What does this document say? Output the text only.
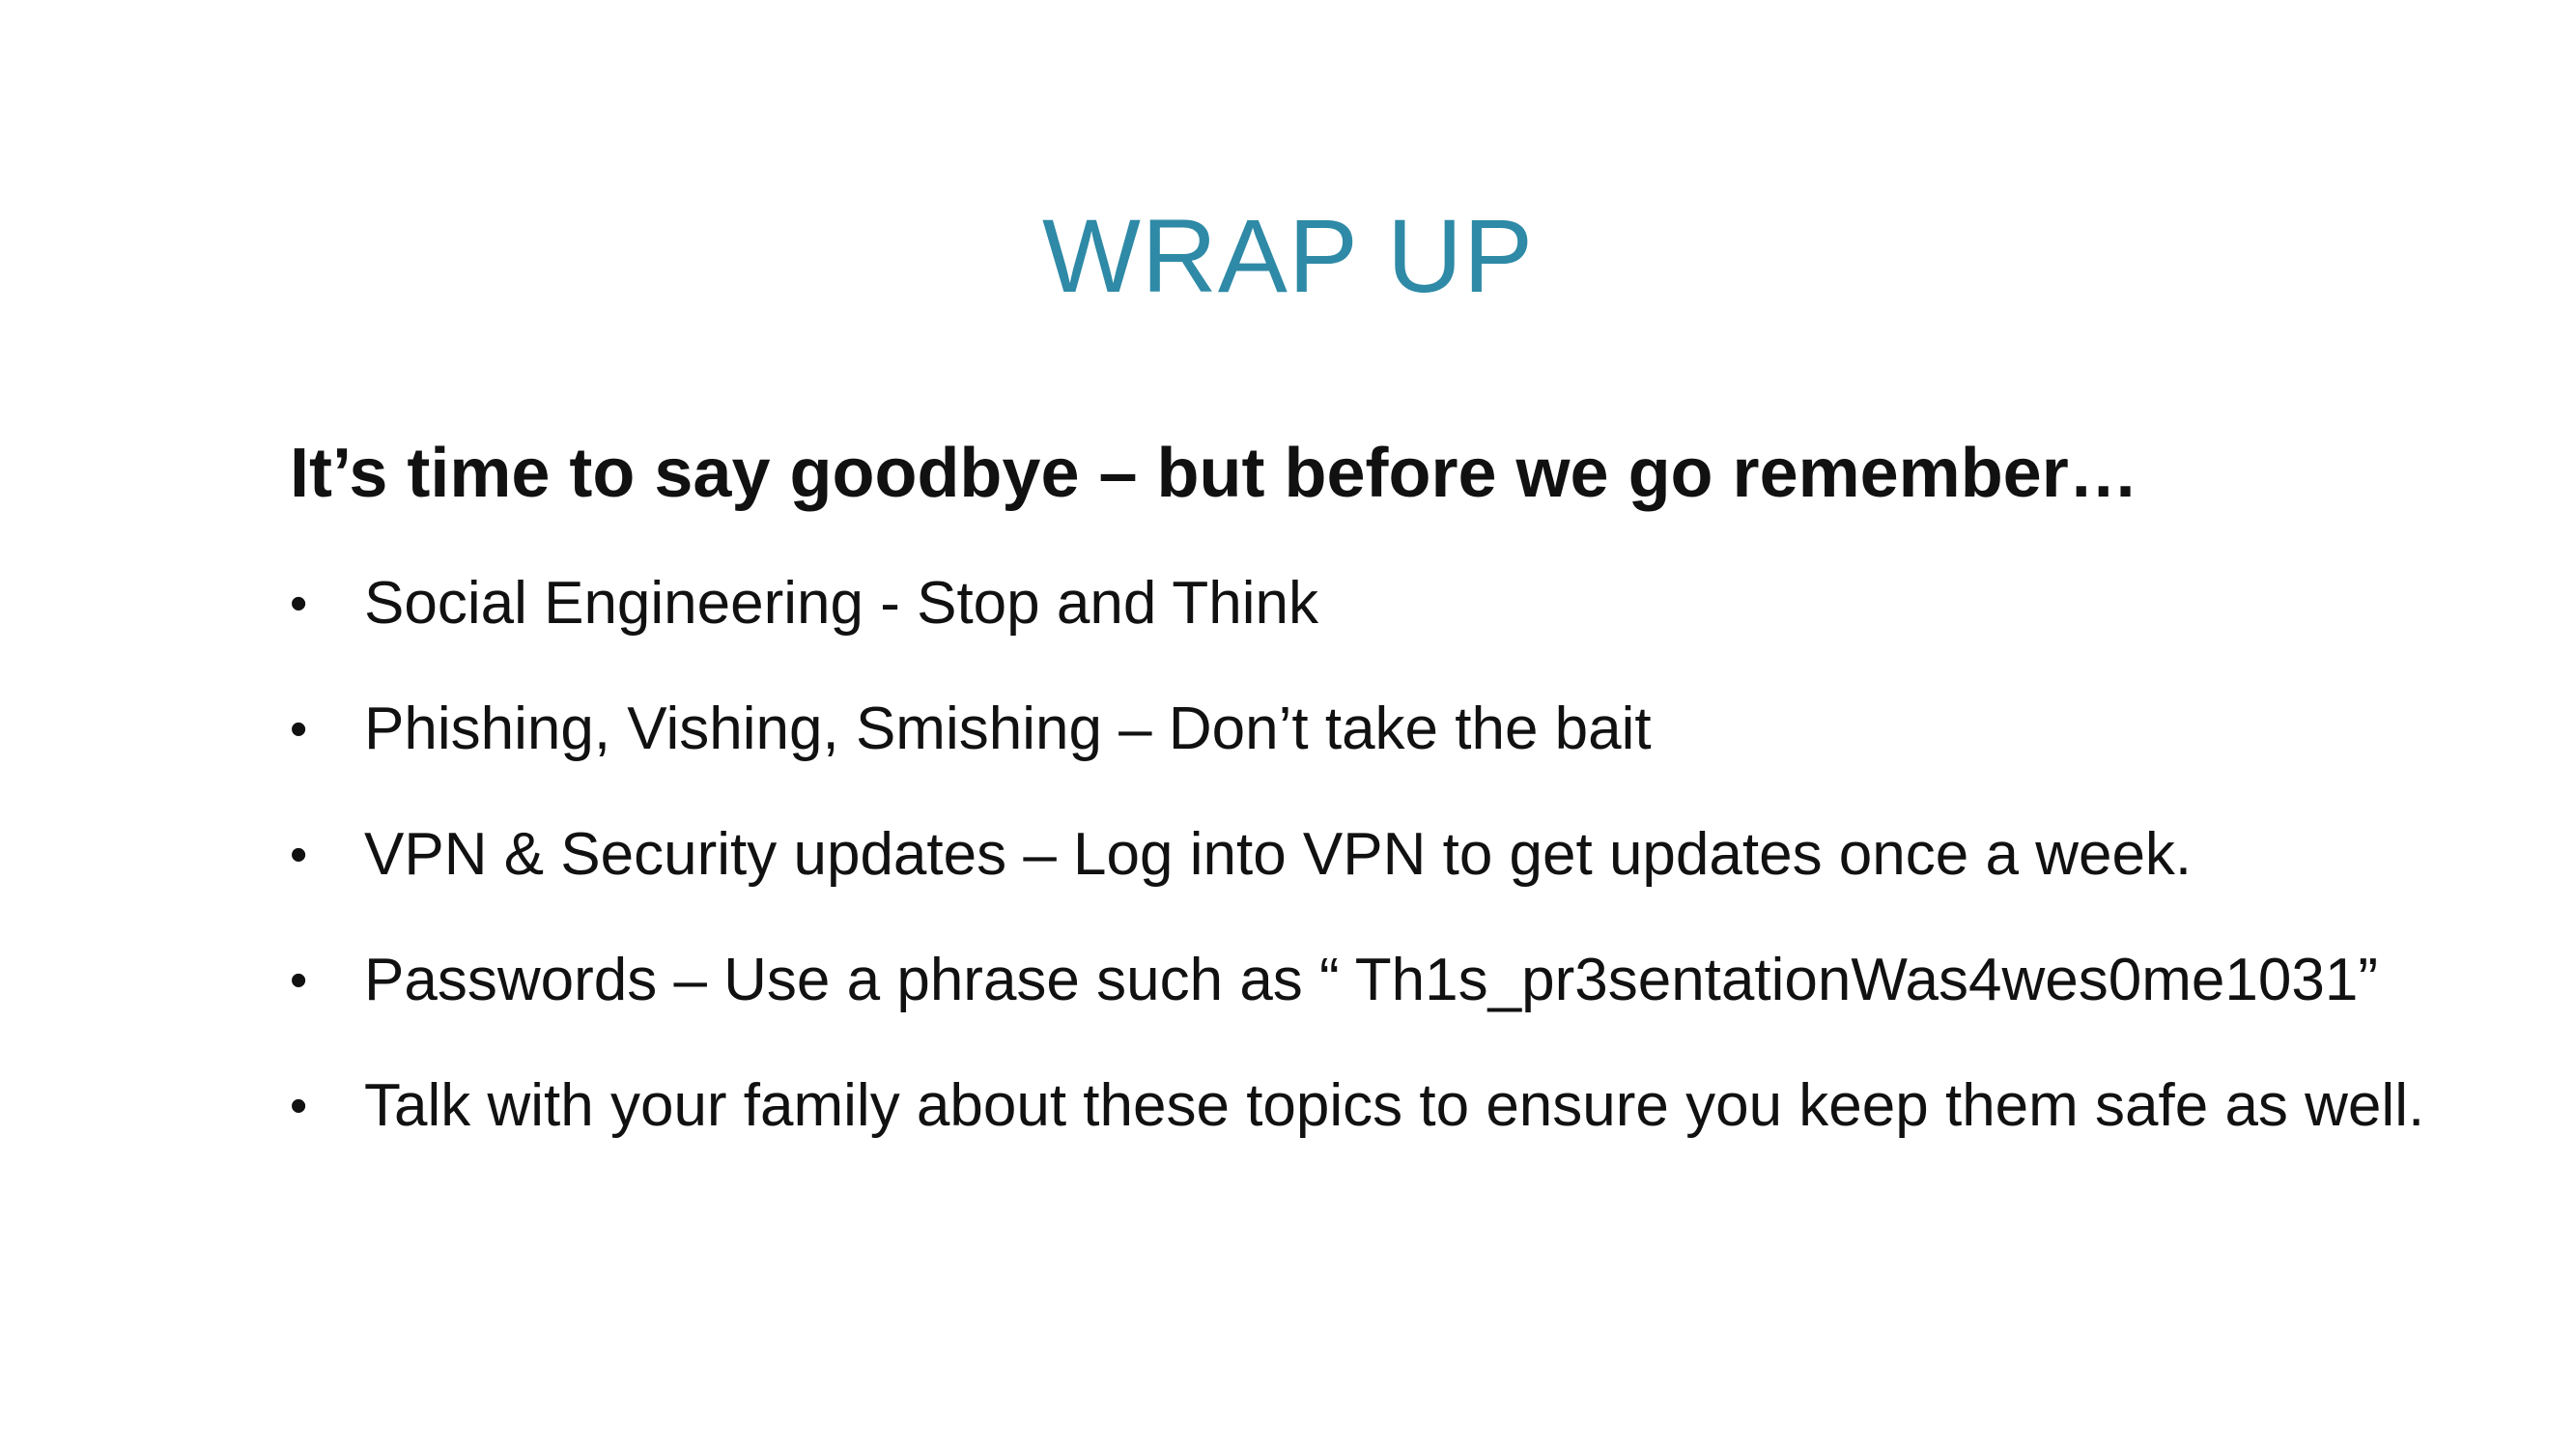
WRAP UP

It’s time to say goodbye – but before we go remember…

• Social Engineering - Stop and Think
• Phishing, Vishing, Smishing – Don’t take the bait
• VPN & Security updates – Log into VPN to get updates once a week.
• Passwords – Use a phrase such as “ Th1s_pr3sentationWas4wes0me1031”
• Talk with your family about these topics to ensure you keep them safe as well.
